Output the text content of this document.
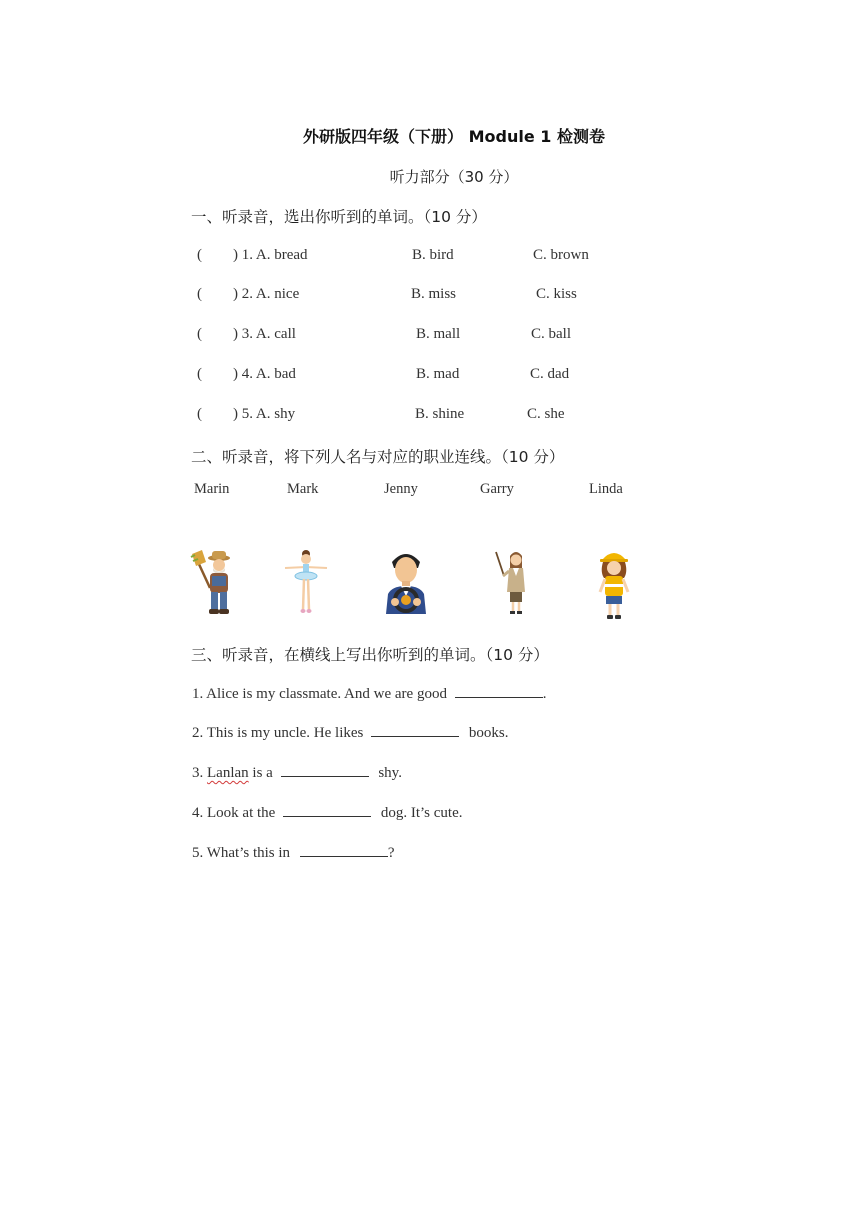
外研版四年级（下册） Module 1 检测卷
听力部分（30 分）
一、听录音，选出你听到的单词。（10 分）
( ) 1. A. bread	B. bird	C. brown
( ) 2. A. nice	B. miss	C. kiss
( ) 3. A. call	B. mall	C. ball
( ) 4. A. bad	B. mad	C. dad
( ) 5. A. shy	B. shine	C. she
二、听录音，将下列人名与对应的职业连线。（10 分）
Marin	Mark	Jenny	Garry	Linda
三、听录音，在横线上写出你听到的单词。（10 分）
1. Alice is my classmate. And we are good	.
2. This is my uncle. He likes	books.
3. Lanlan is a	shy.
4. Look at the	dog. It’s cute.
5. What’s this in	?
